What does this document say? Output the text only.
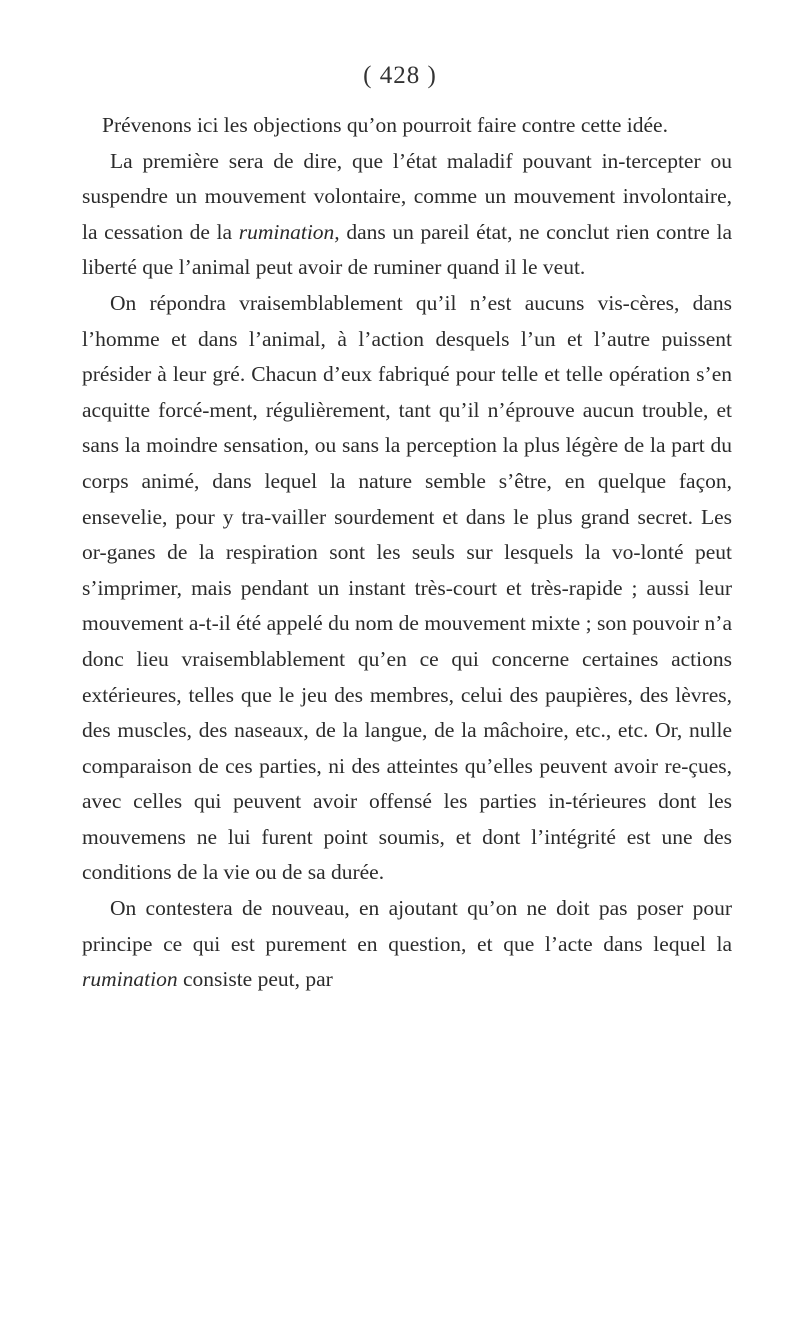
( 428 )

Prévenons ici les objections qu’on pourroit faire contre cette idée.

La première sera de dire, que l’état maladif pouvant in-tercepter ou suspendre un mouvement volontaire, comme un mouvement involontaire, la cessation de la rumination, dans un pareil état, ne conclut rien contre la liberté que l’animal peut avoir de ruminer quand il le veut.

On répondra vraisemblablement qu’il n’est aucuns vis-cères, dans l’homme et dans l’animal, à l’action desquels l’un et l’autre puissent présider à leur gré. Chacun d’eux fabriqué pour telle et telle opération s’en acquitte forcé-ment, régulièrement, tant qu’il n’éprouve aucun trouble, et sans la moindre sensation, ou sans la perception la plus légère de la part du corps animé, dans lequel la nature semble s’être, en quelque façon, ensevelie, pour y tra-vailler sourdement et dans le plus grand secret. Les or-ganes de la respiration sont les seuls sur lesquels la vo-lonté peut s’imprimer, mais pendant un instant très-court et très-rapide ; aussi leur mouvement a-t-il été appelé du nom de mouvement mixte ; son pouvoir n’a donc lieu vraisemblablement qu’en ce qui concerne certaines actions extérieures, telles que le jeu des membres, celui des paupières, des lèvres, des muscles, des naseaux, de la langue, de la mâchoire, etc., etc. Or, nulle comparaison de ces parties, ni des atteintes qu’elles peuvent avoir re-çues, avec celles qui peuvent avoir offensé les parties in-térieures dont les mouvemens ne lui furent point soumis, et dont l’intégrité est une des conditions de la vie ou de sa durée.

On contestera de nouveau, en ajoutant qu’on ne doit pas poser pour principe ce qui est purement en question, et que l’acte dans lequel la rumination consiste peut, par
